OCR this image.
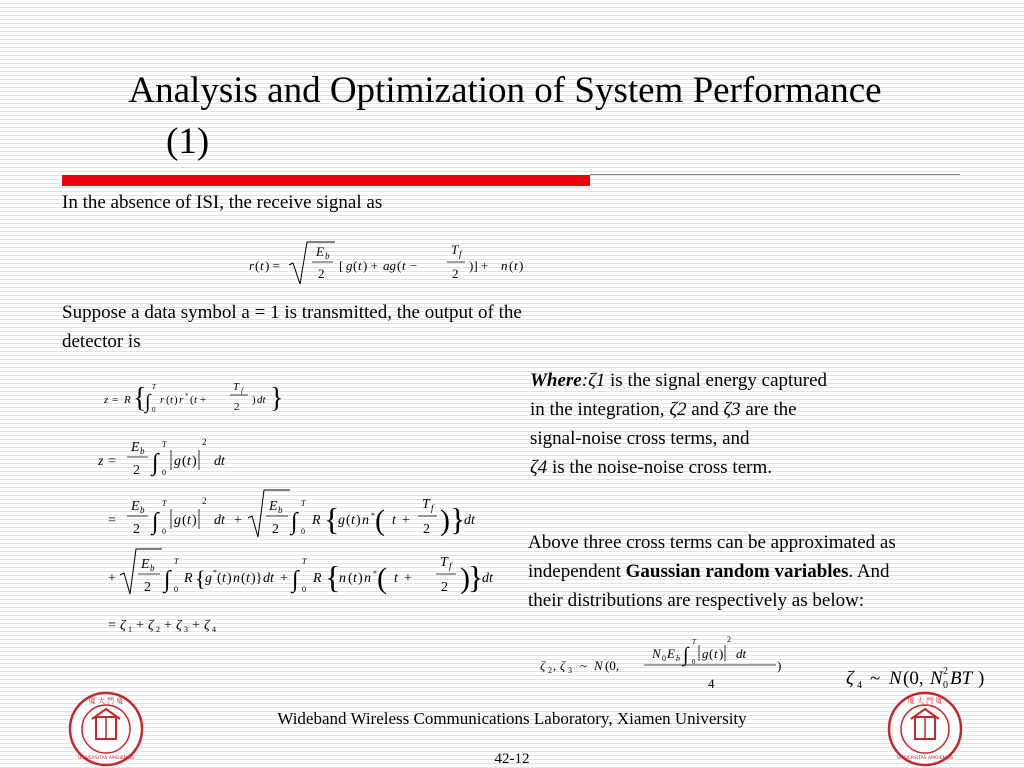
Analysis and Optimization of System Performance
(1)
In the absence of ISI, the receive signal as
r ( t ) =
E b
2
[ g ( t ) + ag ( t −
T f
2
)] + n ( t )
Suppose a data symbol a = 1 is transmitted, the output of the
detector is
z = R {
∫
T
0
r ( t ) r * ( t +
T f
2
) dt }
z =
E b
2 ∫
T
0
g ( t )
2
dt
=
E b
2 ∫
T
0
g ( t )
2
dt +
E b
2 ∫
T
0
R {
g ( t ) n * ( t +
T f
2 ) }
dt
+
E b
2 ∫
T
0
R { g * ( t ) n ( t )} dt + ∫
T
0
R {
n ( t ) n * ( t +
T f
2 )
}
dt
= ζ 1 + ζ 2 + ζ 3 + ζ 4
Where:ζ1 is the signal energy captured
in the integration, ζ2 and ζ3 are the
signal-noise cross terms, and
ζ4 is the noise-noise cross term.
Above three cross terms can be approximated as
independent Gaussian random variables. And
their distributions are respectively as below:
ζ 2 , ζ 3 ~ N (0,
N 0 E b ∫
T
0
g ( t )
2
dt
4
)
ζ 4 ~ N (0, N 0
2 BT )
厦 大 門 厦
UNIVERSITAS AMOIENSIS
厦 大 門 厦
UNIVERSITAS AMOIENSIS
Wideband Wireless Communications Laboratory, Xiamen University
42-12
